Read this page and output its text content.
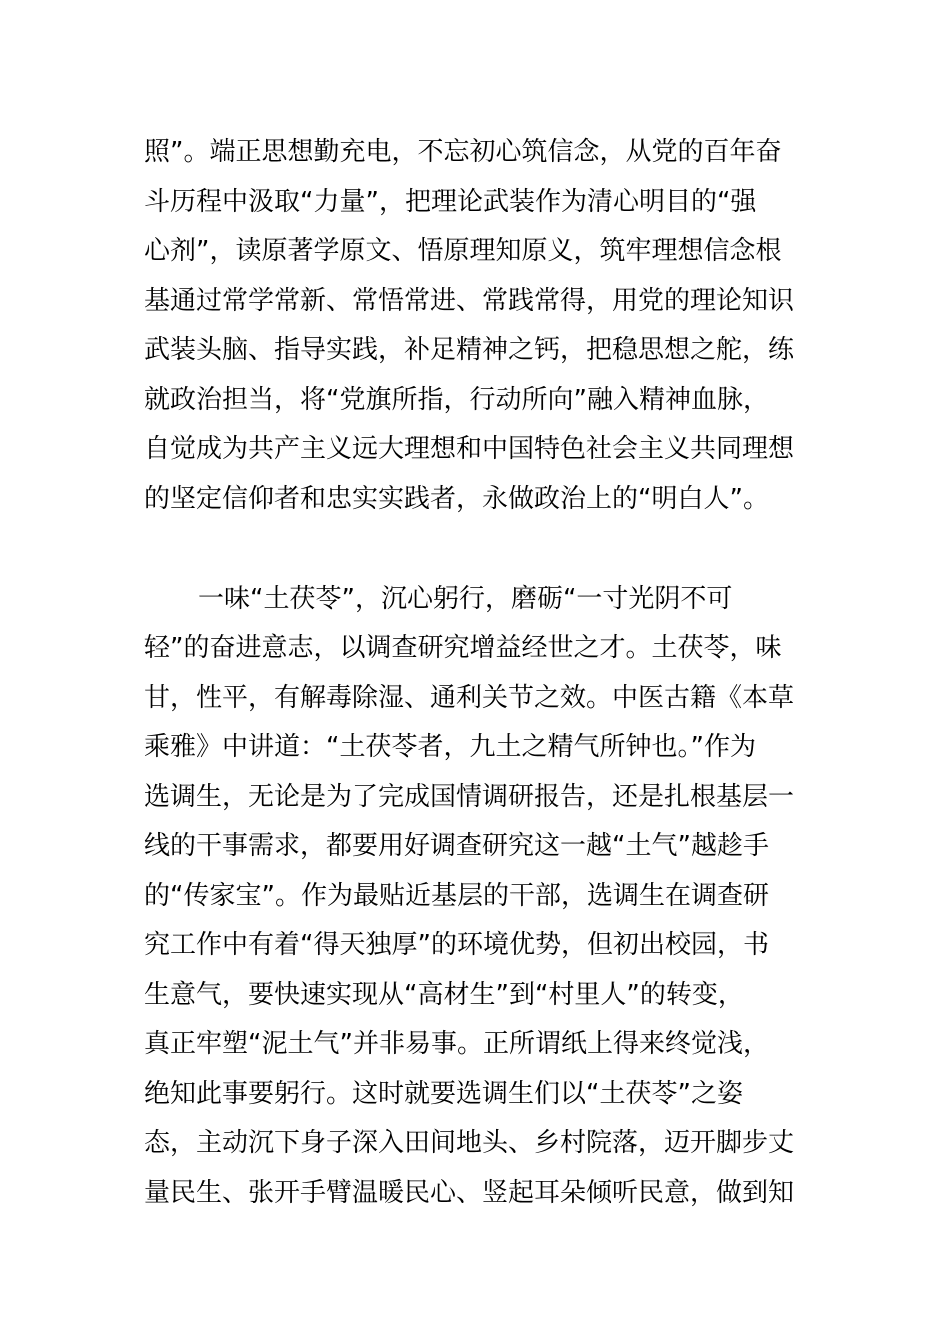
照”。端正思想勤充电，不忘初心筑信念，从党的百年奋
斗历程中汲取“力量”，把理论武装作为清心明目的“强
心剂”，读原著学原文、悟原理知原义，筑牢理想信念根
基通过常学常新、常悟常进、常践常得，用党的理论知识
武装头脑、指导实践，补足精神之钙，把稳思想之舵，练
就政治担当，将“党旗所指，行动所向”融入精神血脉，
自觉成为共产主义远大理想和中国特色社会主义共同理想
的坚定信仰者和忠实实践者，永做政治上的“明白人”。
一味“土茯苓”，沉心躬行，磨砺“一寸光阴不可
轻”的奋进意志，以调查研究增益经世之才。土茯苓，味
甘，性平，有解毒除湿、通利关节之效。中医古籍《本草
乘雅》中讲道：“土茯苓者，九土之精气所钟也。”作为
选调生，无论是为了完成国情调研报告，还是扎根基层一
线的干事需求，都要用好调查研究这一越“土气”越趁手
的“传家宝”。作为最贴近基层的干部，选调生在调查研
究工作中有着“得天独厚”的环境优势，但初出校园，书
生意气，要快速实现从“高材生”到“村里人”的转变，
真正牢塑“泥土气”并非易事。正所谓纸上得来终觉浅，
绝知此事要躬行。这时就要选调生们以“土茯苓”之姿
态，主动沉下身子深入田间地头、乡村院落，迈开脚步丈
量民生、张开手臂温暖民心、竖起耳朵倾听民意，做到知
